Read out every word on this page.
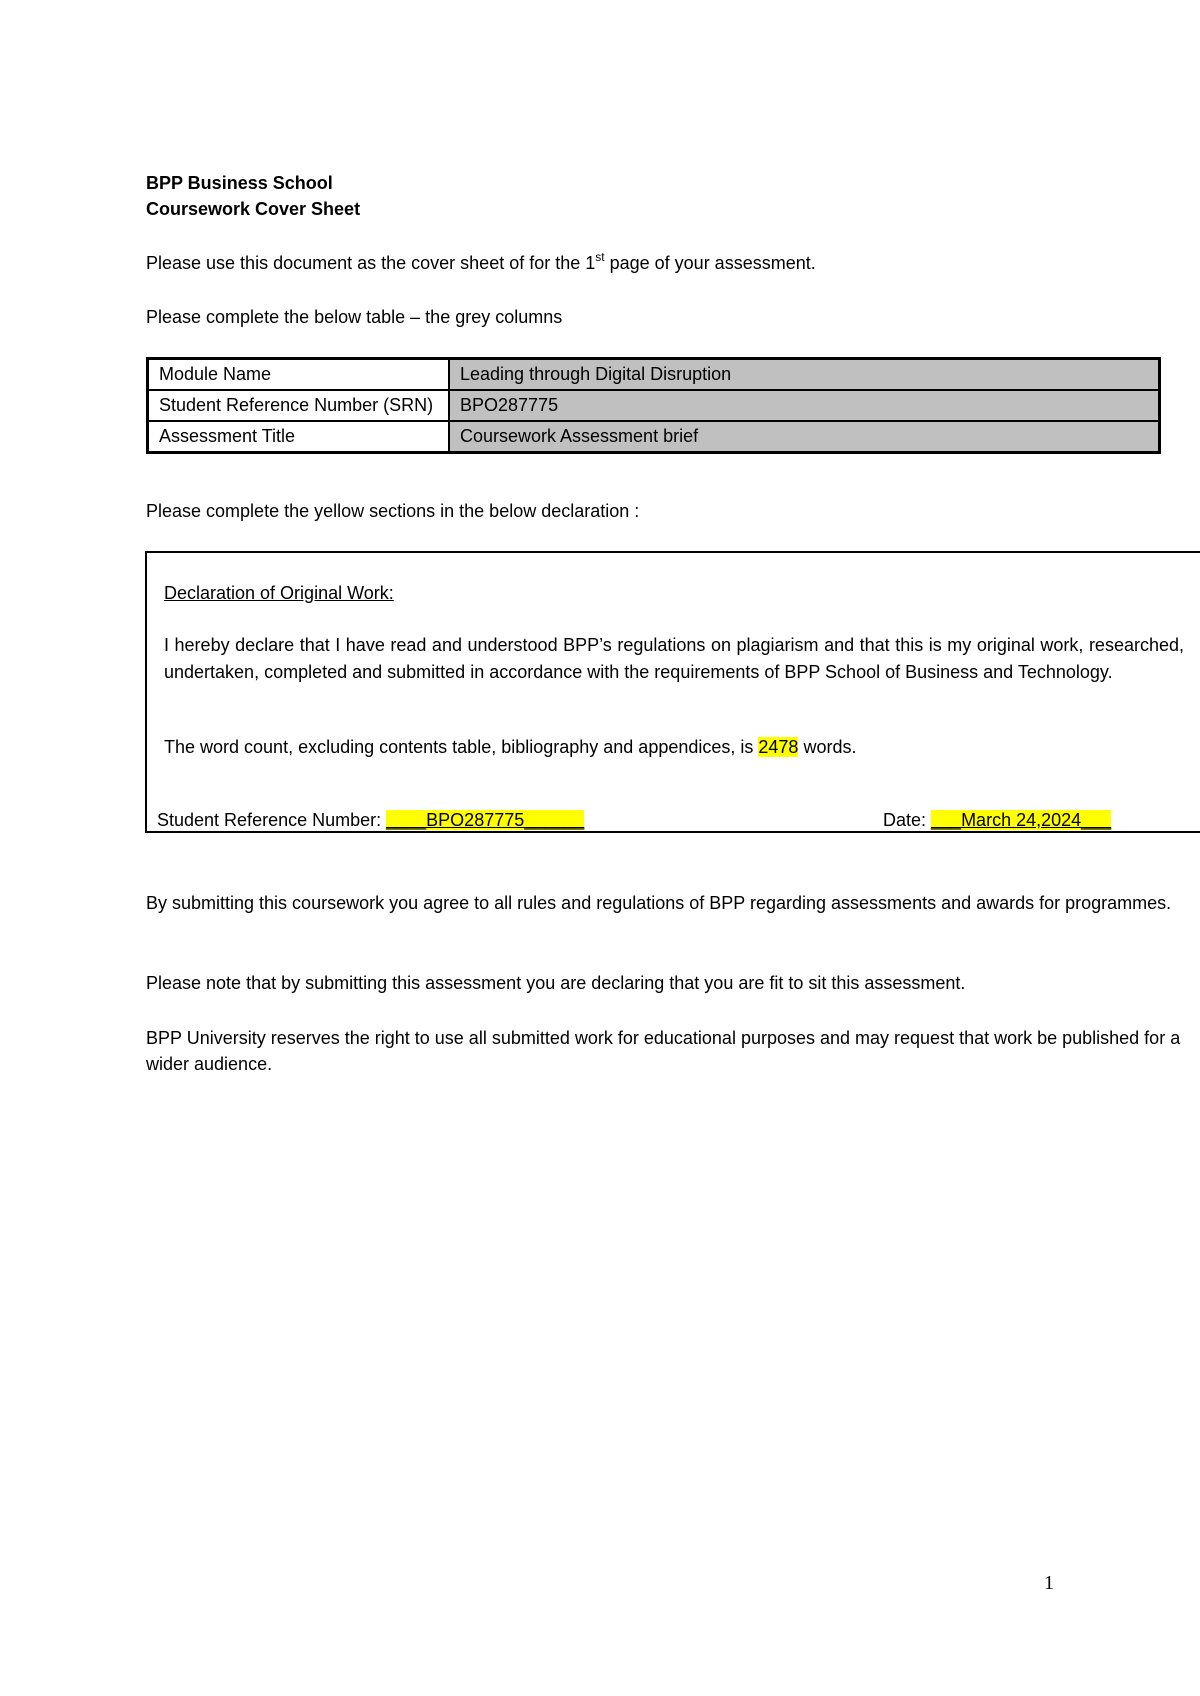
BPP Business School
Coursework Cover Sheet
Please use this document as the cover sheet of for the 1st page of your assessment.
Please complete the below table – the grey columns
Module Name	Leading through Digital Disruption
Student Reference Number (SRN)	BPO287775
Assessment Title	Coursework Assessment brief
Please complete the yellow sections in the below declaration :
Declaration of Original Work:
I hereby declare that I have read and understood BPP’s regulations on plagiarism and that this is my original work, researched, undertaken, completed and submitted in accordance with the requirements of BPP School of Business and Technology.
The word count, excluding contents table, bibliography and appendices, is 2478 words.
Student Reference Number: ____BPO287775______	Date: ___March 24,2024___
By submitting this coursework you agree to all rules and regulations of BPP regarding assessments and awards for programmes.
Please note that by submitting this assessment you are declaring that you are fit to sit this assessment.
BPP University reserves the right to use all submitted work for educational purposes and may request that work be published for a wider audience.
1
